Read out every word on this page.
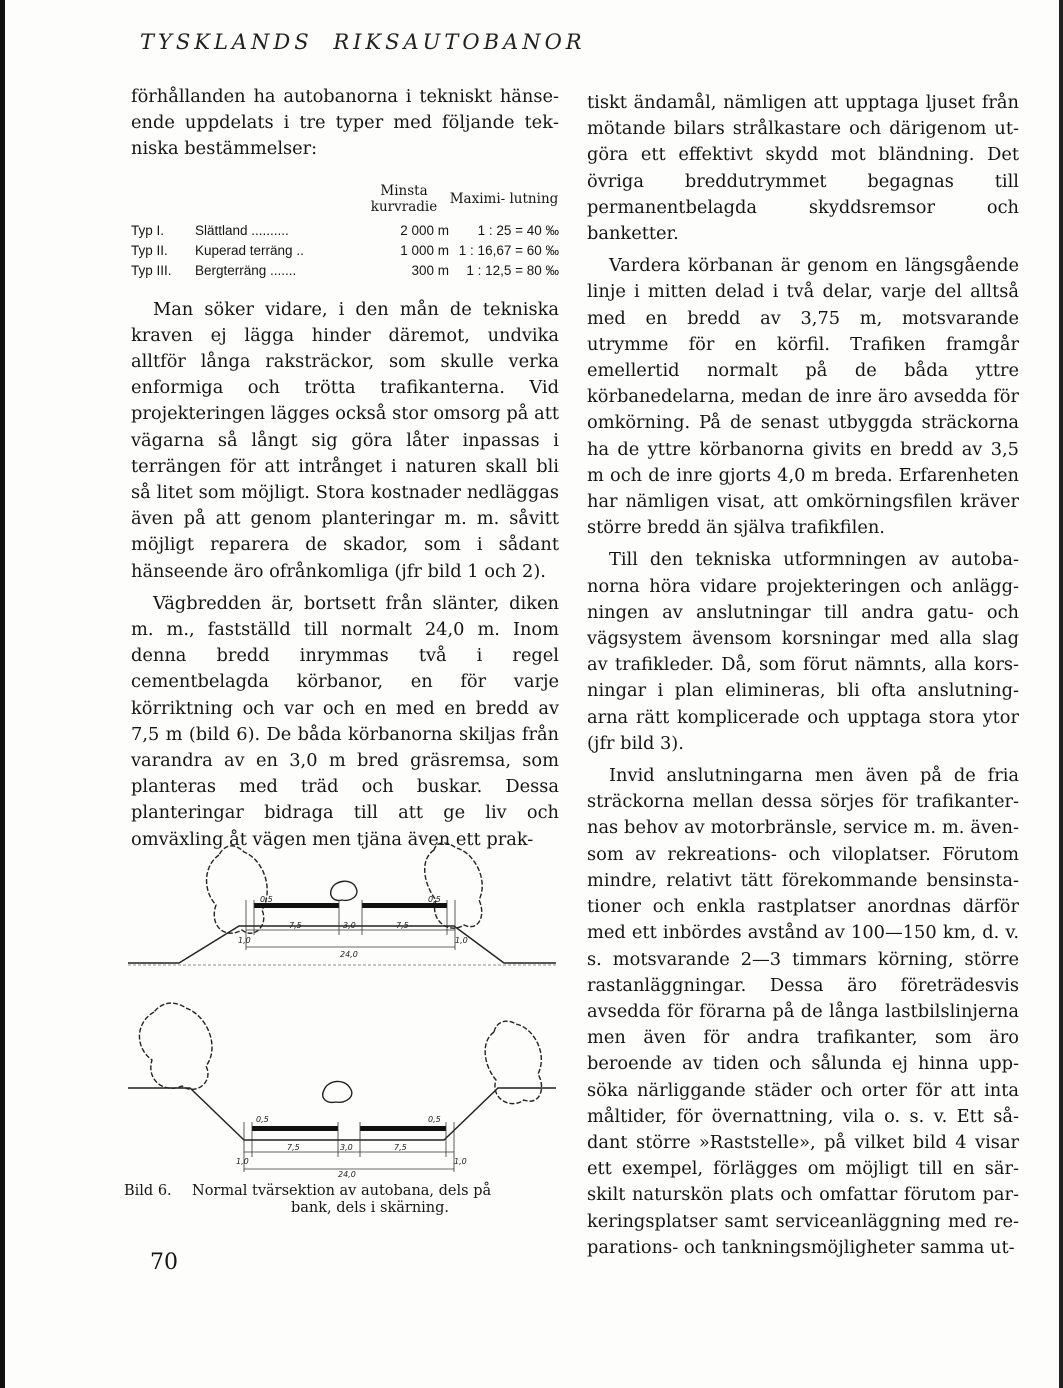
TYSKLANDS RIKSAUTOBANOR

förhållanden ha autobanorna i tekniskt hänseende uppdelats i tre typer med följande tekniska bestämmelser:

		Minsta kurvradie	Maximi- lutning
Typ I.	Slättland ..........	2 000 m	1 : 25 = 40 ‰
Typ II.	Kuperad terräng ..	1 000 m	1 : 16,67 = 60 ‰
Typ III.	Bergterräng .......	300 m	1 : 12,5 = 80 ‰

Man söker vidare, i den mån de tekniska kraven ej lägga hinder däremot, undvika alltför långa raksträckor, som skulle verka enformiga och trötta trafikanterna. Vid projekteringen lägges också stor omsorg på att vägarna så långt sig göra låter inpassas i terrängen för att intrånget i naturen skall bli så litet som möjligt. Stora kostnader nedläggas även på att genom planteringar m. m. såvitt möjligt reparera de skador, som i sådant hänseende äro ofrånkomliga (jfr bild 1 och 2).

Vägbredden är, bortsett från slänter, diken m. m., fastställd till normalt 24,0 m. Inom denna bredd inrymmas två i regel cementbelagda körbanor, en för varje körriktning och var och en med en bredd av 7,5 m (bild 6). De båda körbanorna skiljas från varandra av en 3,0 m bred gräsremsa, som planteras med träd och buskar. Dessa planteringar bidraga till att ge liv och omväxling åt vägen men tjäna även ett prak-

0,5	0,5
1,0
7,5	3,0	7,5
1,0
24,0
0,5	0,5
1,0
7,5	3,0	7,5
1,0
24,0
Bild 6. Normal tvärsektion av autobana, dels på
bank, dels i skärning.
70

tiskt ändamål, nämligen att upptaga ljuset från mötande bilars strålkastare och därigenom utgöra ett effektivt skydd mot bländning. Det övriga breddutrymmet begagnas till permanentbelagda skyddsremsor och banketter.

Vardera körbanan är genom en längsgående linje i mitten delad i två delar, varje del alltså med en bredd av 3,75 m, motsvarande utrymme för en körfil. Trafiken framgår emellertid normalt på de båda yttre körbanedelarna, medan de inre äro avsedda för omkörning. På de senast utbyggda sträckorna ha de yttre körbanorna givits en bredd av 3,5 m och de inre gjorts 4,0 m breda. Erfarenheten har nämligen visat, att omkörningsfilen kräver större bredd än själva trafikfilen.

Till den tekniska utformningen av autobanorna höra vidare projekteringen och anläggningen av anslutningar till andra gatu- och vägsystem ävensom korsningar med alla slag av trafikleder. Då, som förut nämnts, alla korsningar i plan elimineras, bli ofta anslutningarna rätt komplicerade och upptaga stora ytor (jfr bild 3).

Invid anslutningarna men även på de fria sträckorna mellan dessa sörjes för trafikanternas behov av motorbränsle, service m. m. ävensom av rekreations- och viloplatser. Förutom mindre, relativt tätt förekommande bensinstationer och enkla rastplatser anordnas därför med ett inbördes avstånd av 100—150 km, d. v. s. motsvarande 2—3 timmars körning, större rastanläggningar. Dessa äro företrädesvis avsedda för förarna på de långa lastbilslinjerna men även för andra trafikanter, som äro beroende av tiden och sålunda ej hinna uppsöka närliggande städer och orter för att inta måltider, för övernattning, vila o. s. v. Ett sådant större »Raststelle», på vilket bild 4 visar ett exempel, förlägges om möjligt till en särskilt naturskön plats och omfattar förutom parkeringsplatser samt serviceanläggning med reparations- och tankningsmöjligheter samma ut-
